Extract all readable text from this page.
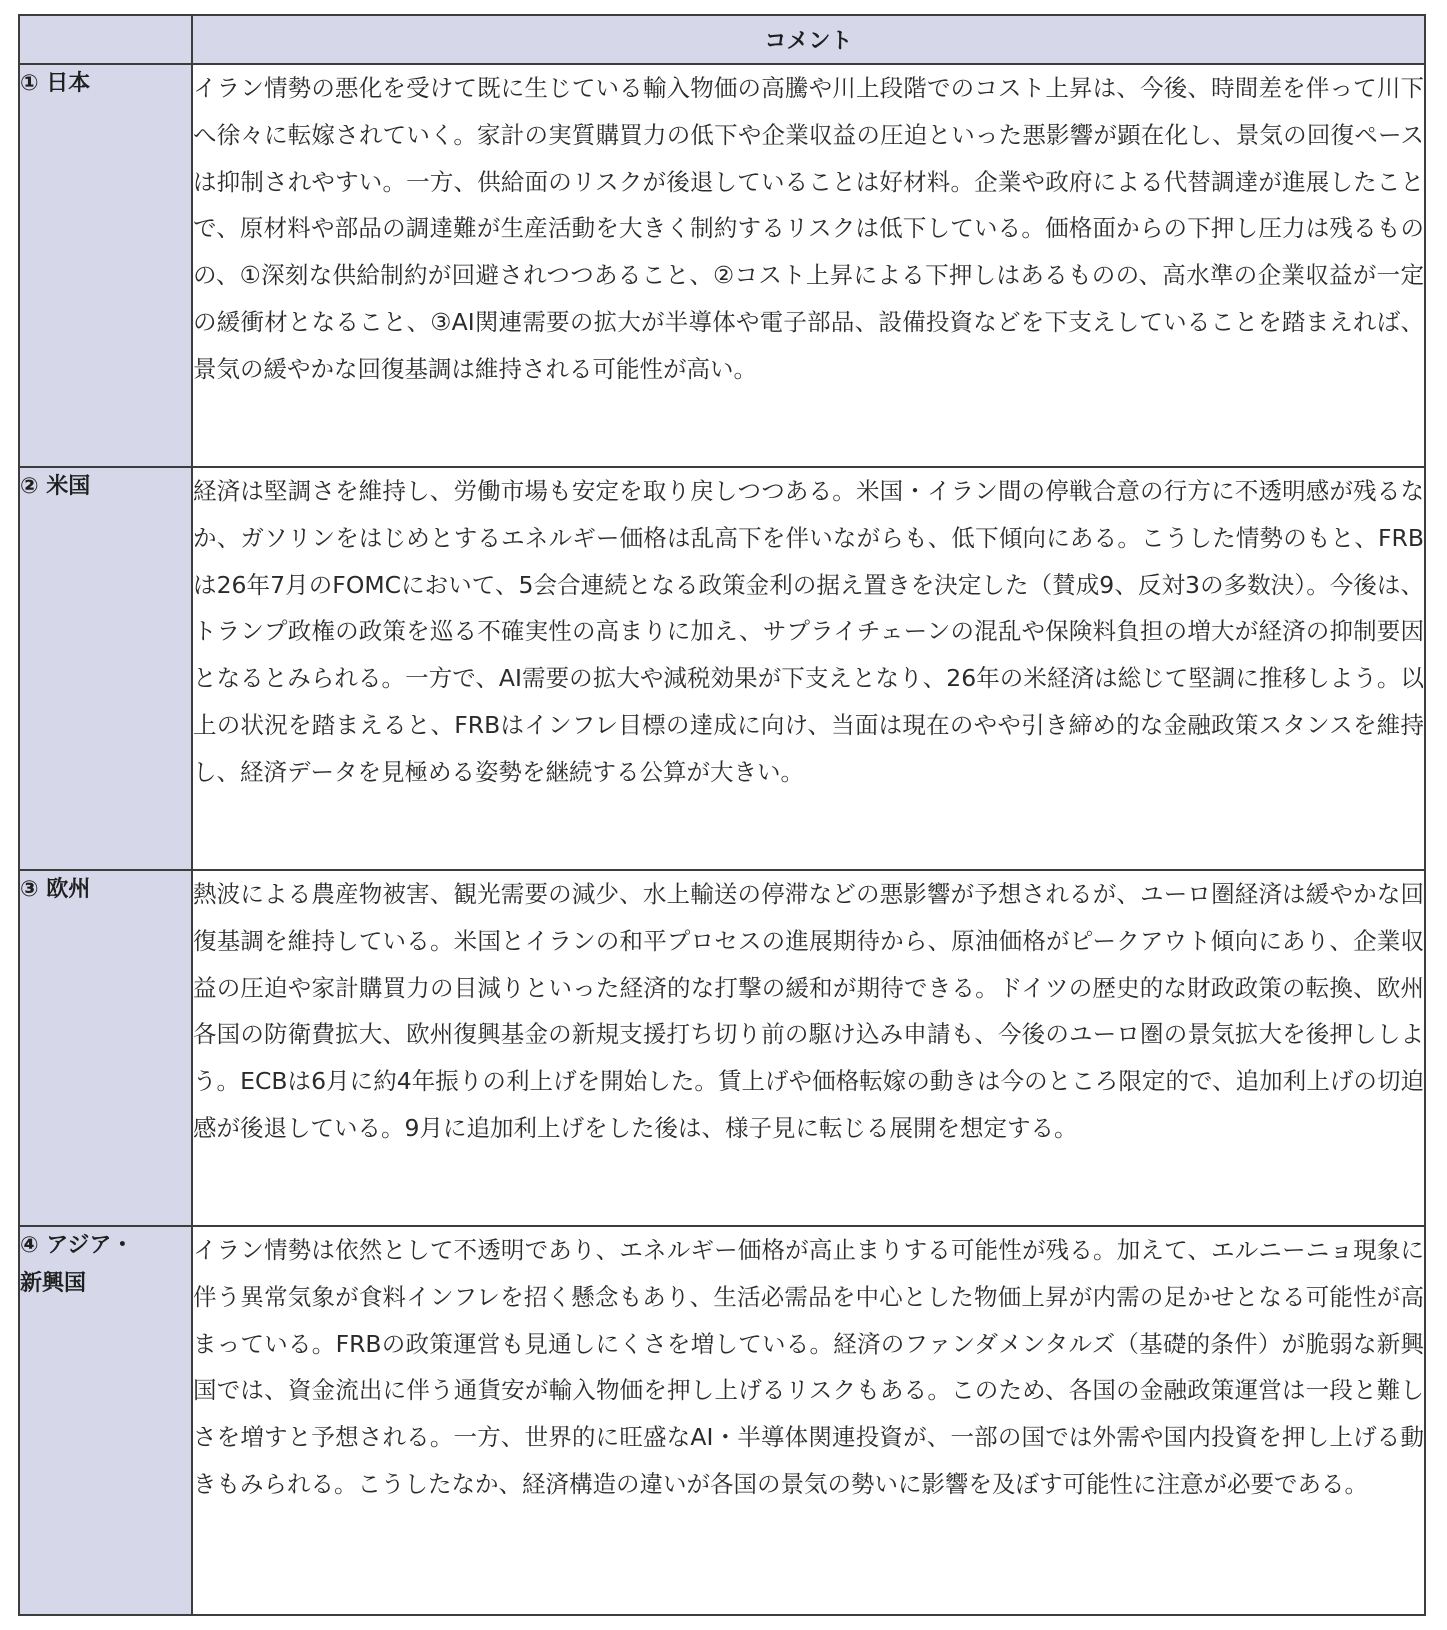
	コメント
① 日本	イラン情勢の悪化を受けて既に生じている輸入物価の高騰や川上段階でのコスト上昇は、今後、時間差を伴って川下へ徐々に転嫁されていく。家計の実質購買力の低下や企業収益の圧迫といった悪影響が顕在化し、景気の回復ペースは抑制されやすい。一方、供給面のリスクが後退していることは好材料。企業や政府による代替調達が進展したことで、原材料や部品の調達難が生産活動を大きく制約するリスクは低下している。価格面からの下押し圧力は残るものの、①深刻な供給制約が回避されつつあること、②コスト上昇による下押しはあるものの、高水準の企業収益が一定の緩衝材となること、③AI関連需要の拡大が半導体や電子部品、設備投資などを下支えしていることを踏まえれば、景気の緩やかな回復基調は維持される可能性が高い。
② 米国	経済は堅調さを維持し、労働市場も安定を取り戻しつつある。米国・イラン間の停戦合意の行方に不透明感が残るなか、ガソリンをはじめとするエネルギー価格は乱高下を伴いながらも、低下傾向にある。こうした情勢のもと、FRBは26年7月のFOMCにおいて、5会合連続となる政策金利の据え置きを決定した（賛成9、反対3の多数決）。今後は、トランプ政権の政策を巡る不確実性の高まりに加え、サプライチェーンの混乱や保険料負担の増大が経済の抑制要因となるとみられる。一方で、AI需要の拡大や減税効果が下支えとなり、26年の米経済は総じて堅調に推移しよう。以上の状況を踏まえると、FRBはインフレ目標の達成に向け、当面は現在のやや引き締め的な金融政策スタンスを維持し、経済データを見極める姿勢を継続する公算が大きい。
③ 欧州	熱波による農産物被害、観光需要の減少、水上輸送の停滞などの悪影響が予想されるが、ユーロ圏経済は緩やかな回復基調を維持している。米国とイランの和平プロセスの進展期待から、原油価格がピークアウト傾向にあり、企業収益の圧迫や家計購買力の目減りといった経済的な打撃の緩和が期待できる。ドイツの歴史的な財政政策の転換、欧州各国の防衛費拡大、欧州復興基金の新規支援打ち切り前の駆け込み申請も、今後のユーロ圏の景気拡大を後押ししよう。ECBは6月に約4年振りの利上げを開始した。賃上げや価格転嫁の動きは今のところ限定的で、追加利上げの切迫感が後退している。9月に追加利上げをした後は、様子見に転じる展開を想定する。
④ アジア・
新興国	イラン情勢は依然として不透明であり、エネルギー価格が高止まりする可能性が残る。加えて、エルニーニョ現象に伴う異常気象が食料インフレを招く懸念もあり、生活必需品を中心とした物価上昇が内需の足かせとなる可能性が高まっている。FRBの政策運営も見通しにくさを増している。経済のファンダメンタルズ（基礎的条件）が脆弱な新興国では、資金流出に伴う通貨安が輸入物価を押し上げるリスクもある。このため、各国の金融政策運営は一段と難しさを増すと予想される。一方、世界的に旺盛なAI・半導体関連投資が、一部の国では外需や国内投資を押し上げる動きもみられる。こうしたなか、経済構造の違いが各国の景気の勢いに影響を及ぼす可能性に注意が必要である。
